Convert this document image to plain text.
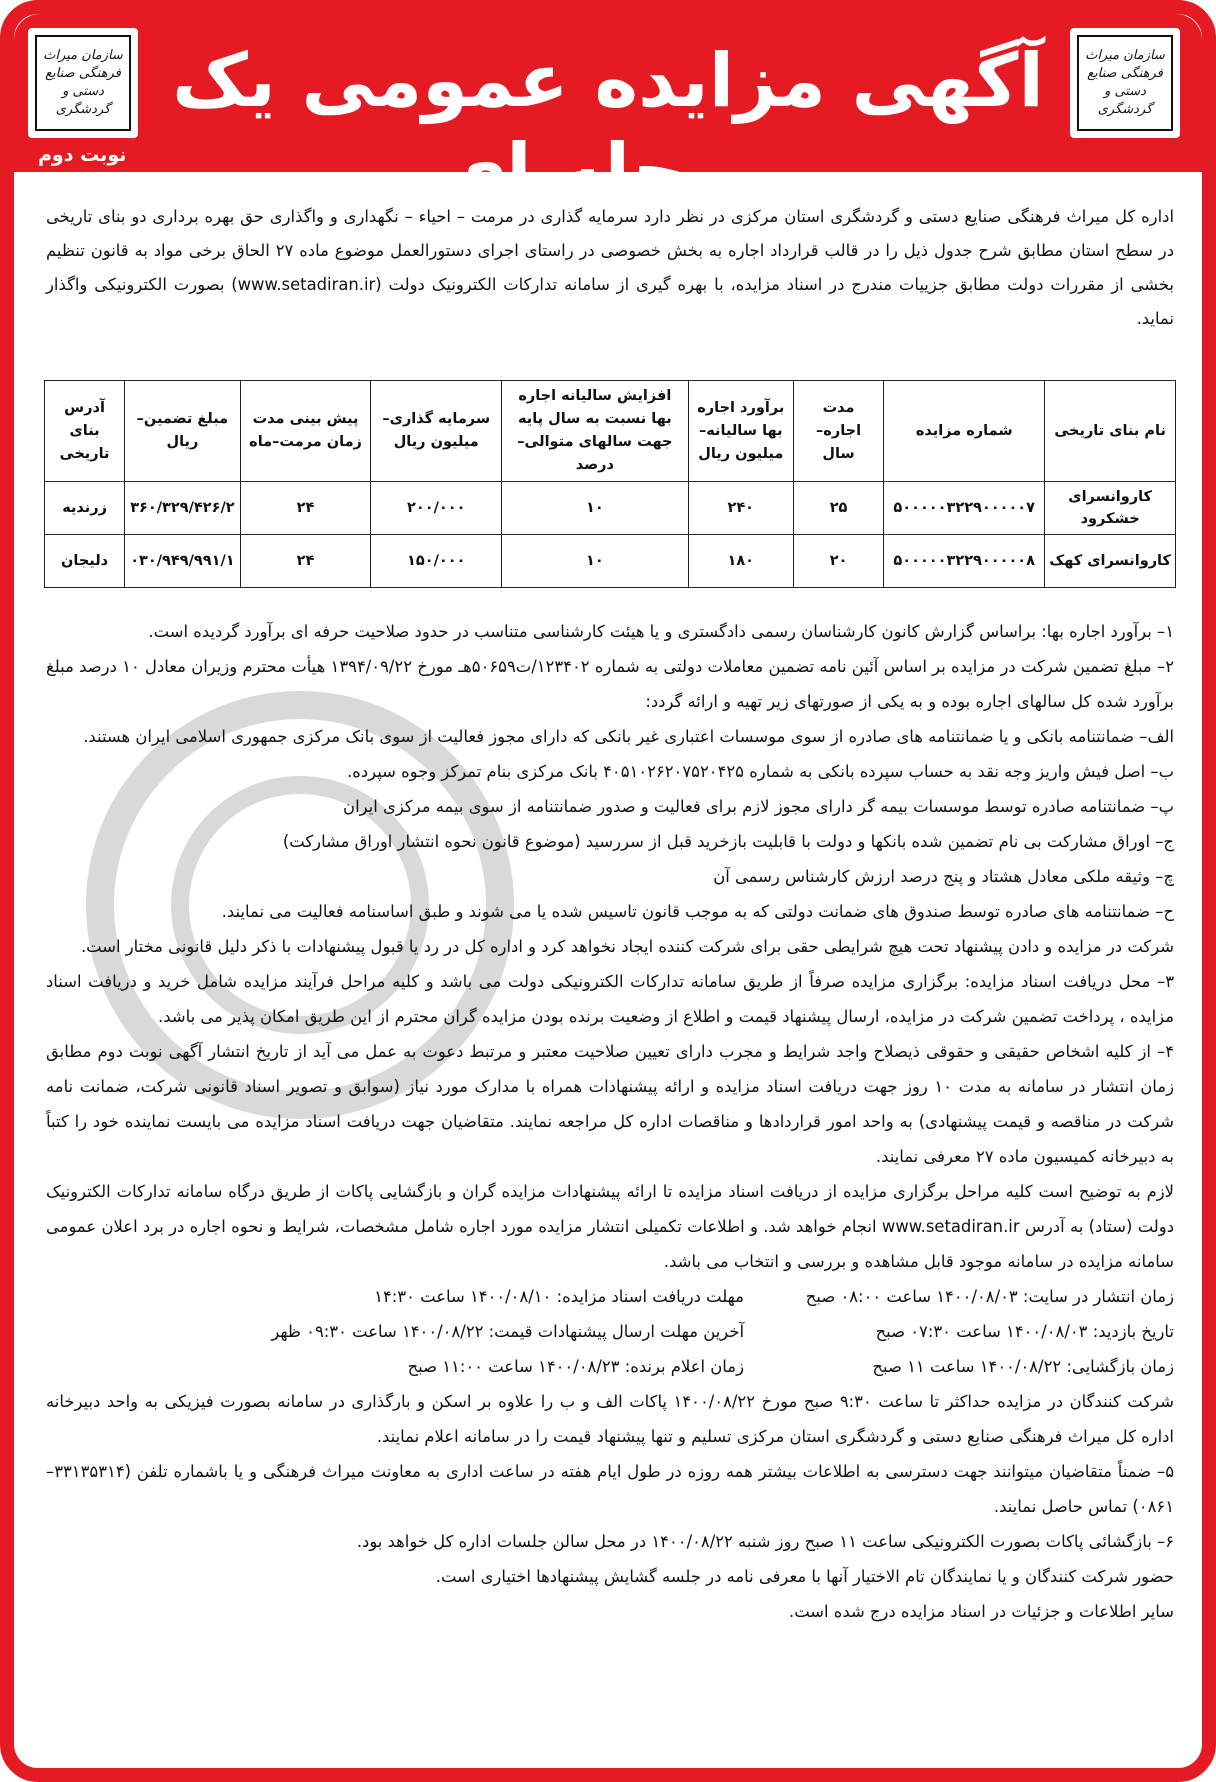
سازمان میراث فرهنگی صنایع دستی و گردشگری
آگهی مزایده عمومی یک مرحله ای
سازمان میراث فرهنگی صنایع دستی و گردشگری
نوبت دوم
اداره کل میراث فرهنگی صنایع دستی و گردشگری استان مرکزی در نظر دارد سرمایه گذاری در مرمت – احیاء – نگهداری و واگذاری حق بهره برداری دو بنای تاریخی در سطح استان مطابق شرح جدول ذیل را در قالب قرارداد اجاره به بخش خصوصی در راستای اجرای دستورالعمل موضوع ماده ۲۷ الحاق برخی مواد به قانون تنظیم بخشی از مقررات دولت مطابق جزییات مندرج در اسناد مزایده، با بهره گیری از سامانه تدارکات الکترونیک دولت (www.setadiran.ir) بصورت الکترونیکی واگذار نماید.
نام بنای تاریخی	شماره مزایده	مدت اجاره– سال	برآورد اجاره بها سالیانه– میلیون ریال	افزایش سالیانه اجاره بها نسبت به سال پایه جهت سالهای متوالی–درصد	سرمایه گذاری– میلیون ریال	پیش بینی مدت زمان مرمت–ماه	مبلغ تضمین– ریال	آدرس بنای تاریخی
کاروانسرای خشکرود	۵۰۰۰۰۰۳۲۲۹۰۰۰۰۰۷	۲۵	۲۴۰	۱۰	۲۰۰/۰۰۰	۲۴	۳۶۰/۳۲۹/۴۲۶/۲	زرندیه
کاروانسرای کهک	۵۰۰۰۰۰۳۲۲۹۰۰۰۰۰۸	۲۰	۱۸۰	۱۰	۱۵۰/۰۰۰	۲۴	۰۳۰/۹۴۹/۹۹۱/۱	دلیجان

۱– برآورد اجاره بها: براساس گزارش کانون کارشناسان رسمی دادگستری و یا هیئت کارشناسی متناسب در حدود صلاحیت حرفه ای برآورد گردیده است.

۲– مبلغ تضمین شرکت در مزایده بر اساس آئین نامه تضمین معاملات دولتی به شماره ۱۲۳۴۰۲/ت۵۰۶۵۹هـ مورخ ۱۳۹۴/۰۹/۲۲ هیأت محترم وزیران معادل ۱۰ درصد مبلغ برآورد شده کل سالهای اجاره بوده و به یکی از صورتهای زیر تهیه و ارائه گردد:

الف– ضمانتنامه بانکی و یا ضمانتنامه های صادره از سوی موسسات اعتباری غیر بانکی که دارای مجوز فعالیت از سوی بانک مرکزی جمهوری اسلامی ایران هستند.

ب– اصل فیش واریز وجه نقد به حساب سپرده بانکی به شماره ۴۰۵۱۰۲۶۲۰۷۵۲۰۴۲۵ بانک مرکزی بنام تمرکز وجوه سپرده.

پ– ضمانتنامه صادره توسط موسسات بیمه گر دارای مجوز لازم برای فعالیت و صدور ضمانتنامه از سوی بیمه مرکزی ایران

ج– اوراق مشارکت بی نام تضمین شده بانکها و دولت با قابلیت بازخرید قبل از سررسید (موضوع قانون نحوه انتشار اوراق مشارکت)

چ– وثیقه ملکی معادل هشتاد و پنج درصد ارزش کارشناس رسمی آن

ح– ضمانتنامه های صادره توسط صندوق های ضمانت دولتی که به موجب قانون تاسیس شده یا می شوند و طبق اساسنامه فعالیت می نمایند.

شرکت در مزایده و دادن پیشنهاد تحت هیچ شرایطی حقی برای شرکت کننده ایجاد نخواهد کرد و اداره کل در رد یا قبول پیشنهادات با ذکر دلیل قانونی مختار است.

۳– محل دریافت اسناد مزایده: برگزاری مزایده صرفاً از طریق سامانه تدارکات الکترونیکی دولت می باشد و کلیه مراحل فرآیند مزایده شامل خرید و دریافت اسناد مزایده ، پرداخت تضمین شرکت در مزایده، ارسال پیشنهاد قیمت و اطلاع از وضعیت برنده بودن مزایده گران محترم از این طریق امکان پذیر می باشد.

۴– از کلیه اشخاص حقیقی و حقوقی ذیصلاح واجد شرایط و مجرب دارای تعیین صلاحیت معتبر و مرتبط دعوت به عمل می آید از تاریخ انتشار آگهی نوبت دوم مطابق زمان انتشار در سامانه به مدت ۱۰ روز جهت دریافت اسناد مزایده و ارائه پیشنهادات همراه با مدارک مورد نیاز (سوابق و تصویر اسناد قانونی شرکت، ضمانت نامه شرکت در مناقصه و قیمت پیشنهادی) به واحد امور قراردادها و مناقصات اداره کل مراجعه نمایند. متقاضیان جهت دریافت اسناد مزایده می بایست نماینده خود را کتباً به دبیرخانه کمیسیون ماده ۲۷ معرفی نمایند.

لازم به توضیح است کلیه مراحل برگزاری مزایده از دریافت اسناد مزایده تا ارائه پیشنهادات مزایده گران و بازگشایی پاکات از طریق درگاه سامانه تدارکات الکترونیک دولت (ستاد) به آدرس www.setadiran.ir انجام خواهد شد. و اطلاعات تکمیلی انتشار مزایده مورد اجاره شامل مشخصات، شرایط و نحوه اجاره در برد اعلان عمومی سامانه مزایده در سامانه موجود قابل مشاهده و بررسی و انتخاب می باشد.

زمان انتشار در سایت: ۱۴۰۰/۰۸/۰۳ ساعت ۰۸:۰۰ صبح
مهلت دریافت اسناد مزایده: ۱۴۰۰/۰۸/۱۰ ساعت ۱۴:۳۰
تاریخ بازدید: ۱۴۰۰/۰۸/۰۳ ساعت ۰۷:۳۰ صبح
آخرین مهلت ارسال پیشنهادات قیمت: ۱۴۰۰/۰۸/۲۲ ساعت ۰۹:۳۰ ظهر
زمان بازگشایی: ۱۴۰۰/۰۸/۲۲ ساعت ۱۱ صبح
زمان اعلام برنده: ۱۴۰۰/۰۸/۲۳ ساعت ۱۱:۰۰ صبح

شرکت کنندگان در مزایده حداکثر تا ساعت ۹:۳۰ صبح مورخ ۱۴۰۰/۰۸/۲۲ پاکات الف و ب را علاوه بر اسکن و بارگذاری در سامانه بصورت فیزیکی به واحد دبیرخانه اداره کل میراث فرهنگی صنایع دستی و گردشگری استان مرکزی تسلیم و تنها پیشنهاد قیمت را در سامانه اعلام نمایند.

۵– ضمناً متقاضیان میتوانند جهت دسترسی به اطلاعات بیشتر همه روزه در طول ایام هفته در ساعت اداری به معاونت میراث فرهنگی و یا باشماره تلفن (۳۳۱۳۵۳۱۴–۰۸۶۱) تماس حاصل نمایند.

۶– بازگشائی پاکات بصورت الکترونیکی ساعت ۱۱ صبح روز شنبه ۱۴۰۰/۰۸/۲۲ در محل سالن جلسات اداره کل خواهد بود.

حضور شرکت کنندگان و یا نمایندگان تام الاختیار آنها با معرفی نامه در جلسه گشایش پیشنهادها اختیاری است.

سایر اطلاعات و جزئیات در اسناد مزایده درج شده است.
